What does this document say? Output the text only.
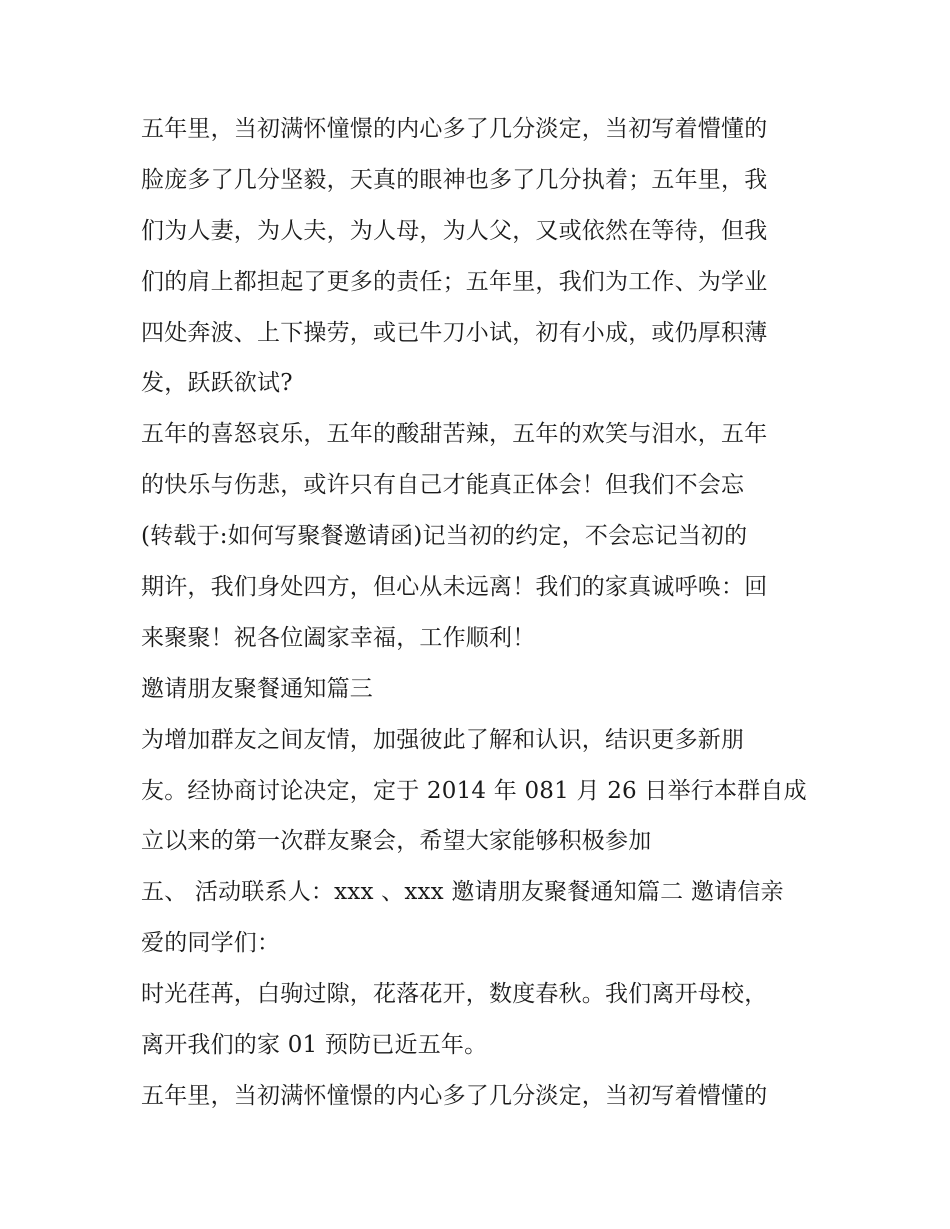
五年里，当初满怀憧憬的内心多了几分淡定，当初写着懵懂的
脸庞多了几分坚毅，天真的眼神也多了几分执着；五年里，我
们为人妻，为人夫，为人母，为人父，又或依然在等待，但我
们的肩上都担起了更多的责任；五年里，我们为工作、为学业
四处奔波、上下操劳，或已牛刀小试，初有小成，或仍厚积薄
发，跃跃欲试?
五年的喜怒哀乐，五年的酸甜苦辣，五年的欢笑与泪水，五年
的快乐与伤悲，或许只有自己才能真正体会！但我们不会忘
(转载于:如何写聚餐邀请函)记当初的约定，不会忘记当初的
期许，我们身处四方，但心从未远离！我们的家真诚呼唤：回
来聚聚！祝各位阖家幸福，工作顺利！
邀请朋友聚餐通知篇三
为增加群友之间友情，加强彼此了解和认识，结识更多新朋
友。经协商讨论决定，定于 2014 年 081 月 26 日举行本群自成
立以来的第一次群友聚会，希望大家能够积极参加
五、 活动联系人：xxx 、xxx 邀请朋友聚餐通知篇二 邀请信亲
爱的同学们：
时光荏苒，白驹过隙，花落花开，数度春秋。我们离开母校，
离开我们的家 01 预防已近五年。
五年里，当初满怀憧憬的内心多了几分淡定，当初写着懵懂的
